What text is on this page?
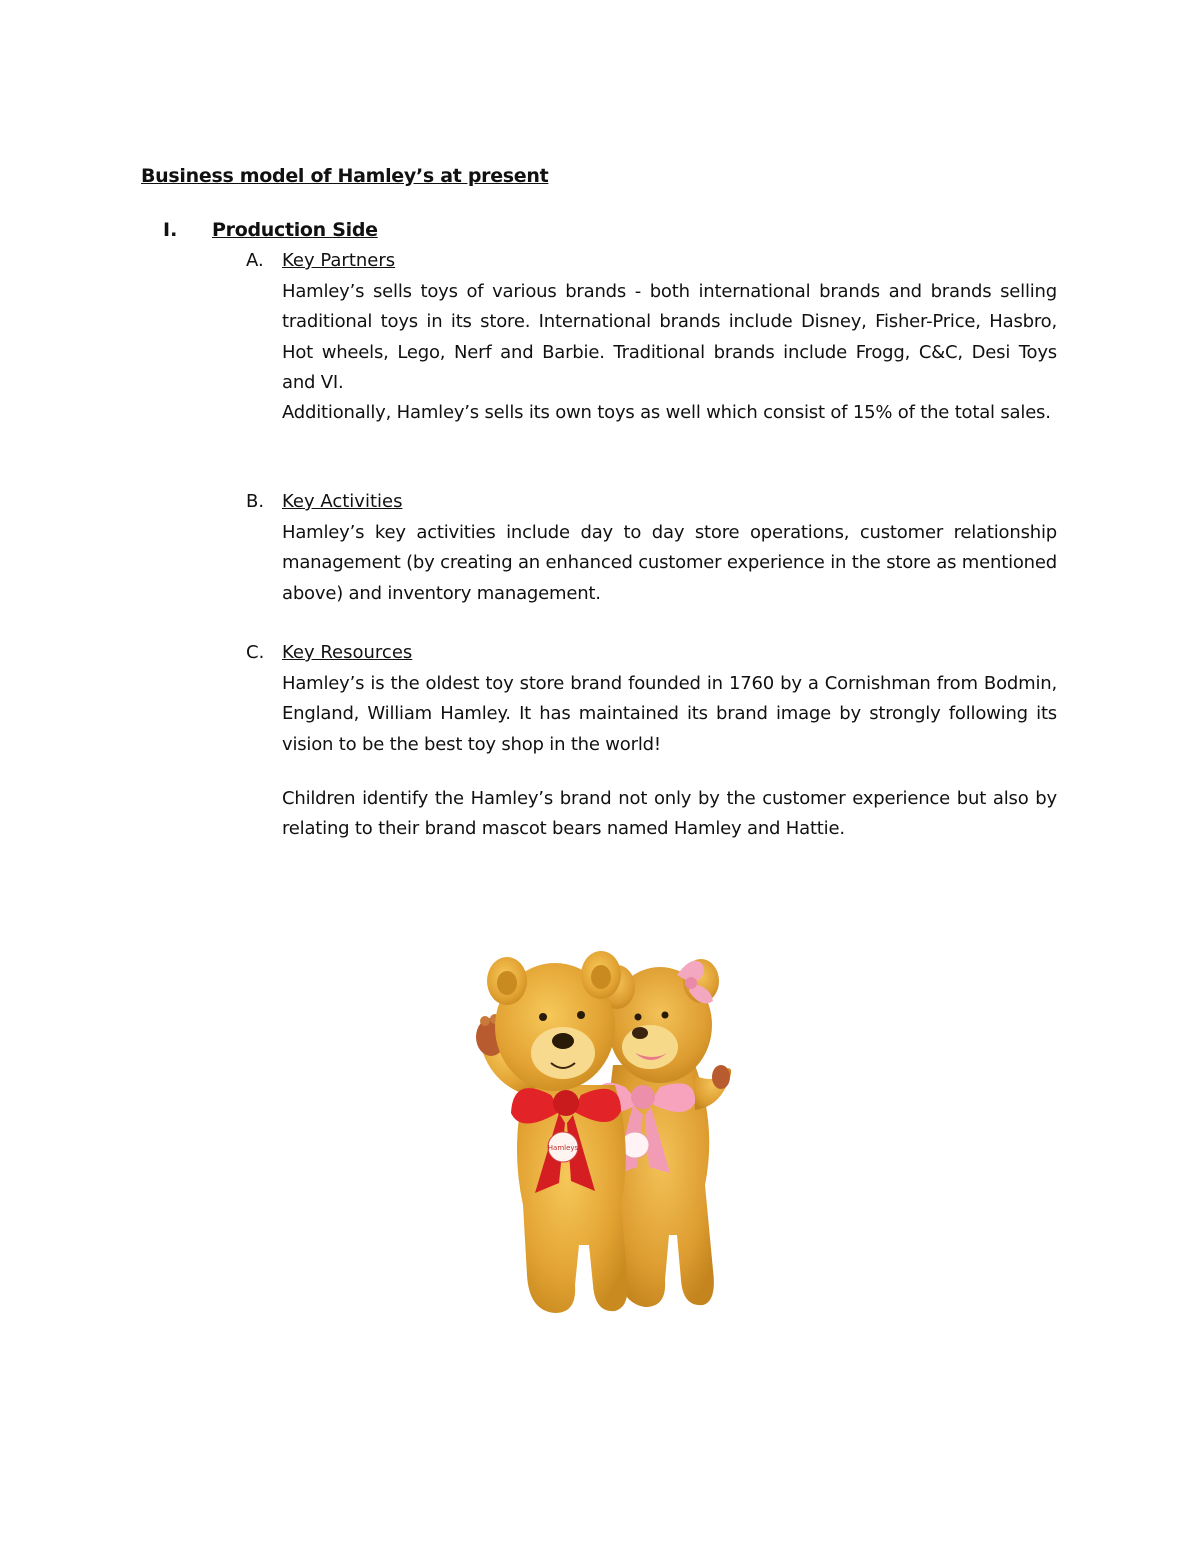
Business model of Hamley’s at present
I. Production Side
A. Key Partners

Hamley’s sells toys of various brands - both international brands and brands selling traditional toys in its store. International brands include Disney, Fisher-Price, Hasbro, Hot wheels, Lego, Nerf and Barbie. Traditional brands include Frogg, C&C, Desi Toys and VI.

Additionally, Hamley’s sells its own toys as well which consist of 15% of the total sales.

B. Key Activities

Hamley’s key activities include day to day store operations, customer relationship management (by creating an enhanced customer experience in the store as mentioned above) and inventory management.

C. Key Resources

Hamley’s is the oldest toy store brand founded in 1760 by a Cornishman from Bodmin, England, William Hamley. It has maintained its brand image by strongly following its vision to be the best toy shop in the world!

Children identify the Hamley’s brand not only by the customer experience but also by relating to their brand mascot bears named Hamley and Hattie.

Hamleys
